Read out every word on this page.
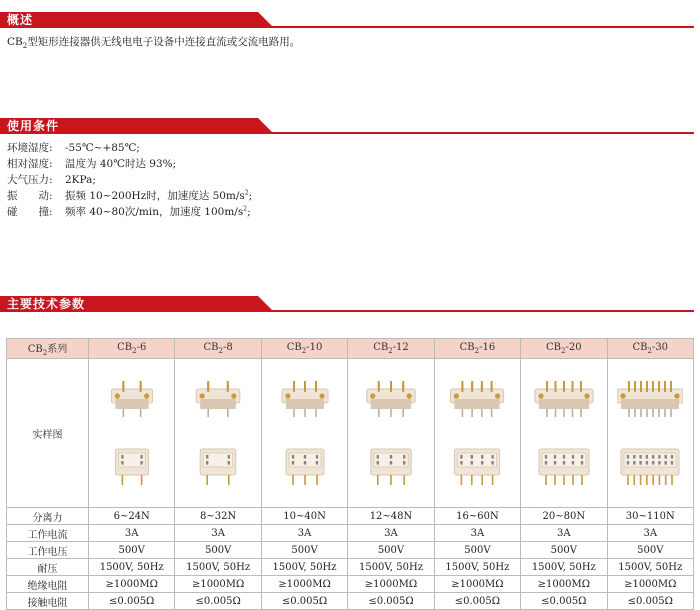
概述
$CB_2$型矩形连接器供无线电电子设备中连接直流或交流电路用。
使用条件
环境湿度: -55℃~+85℃;
相对湿度: 温度为 40℃时达 93%;
大气压力: 2KPa;
振　　动: 振频 10~200Hz时，加速度达 $50m/s^2$;
碰　　撞: 频率 40~80次/min，加速度 $100m/s^2$;
主要技术参数
$CB_2$系列	$CB_2-6$	$CB_2-8$	$CB_2-10$	$CB_2-12$	$CB_2-16$	$CB_2-20$	$CB_2-30$
实样图	

分离力	6~24N	8~32N	10~40N	12~48N	16~60N	20~80N	30~110N
工作电流	3A	3A	3A	3A	3A	3A	3A
工作电压	500V	500V	500V	500V	500V	500V	500V
耐压	1500V, 50Hz	1500V, 50Hz	1500V, 50Hz	1500V, 50Hz	1500V, 50Hz	1500V, 50Hz	1500V, 50Hz
绝缘电阻	≥1000MΩ	≥1000MΩ	≥1000MΩ	≥1000MΩ	≥1000MΩ	≥1000MΩ	≥1000MΩ
接触电阻	≤0.005Ω	≤0.005Ω	≤0.005Ω	≤0.005Ω	≤0.005Ω	≤0.005Ω	≤0.005Ω
